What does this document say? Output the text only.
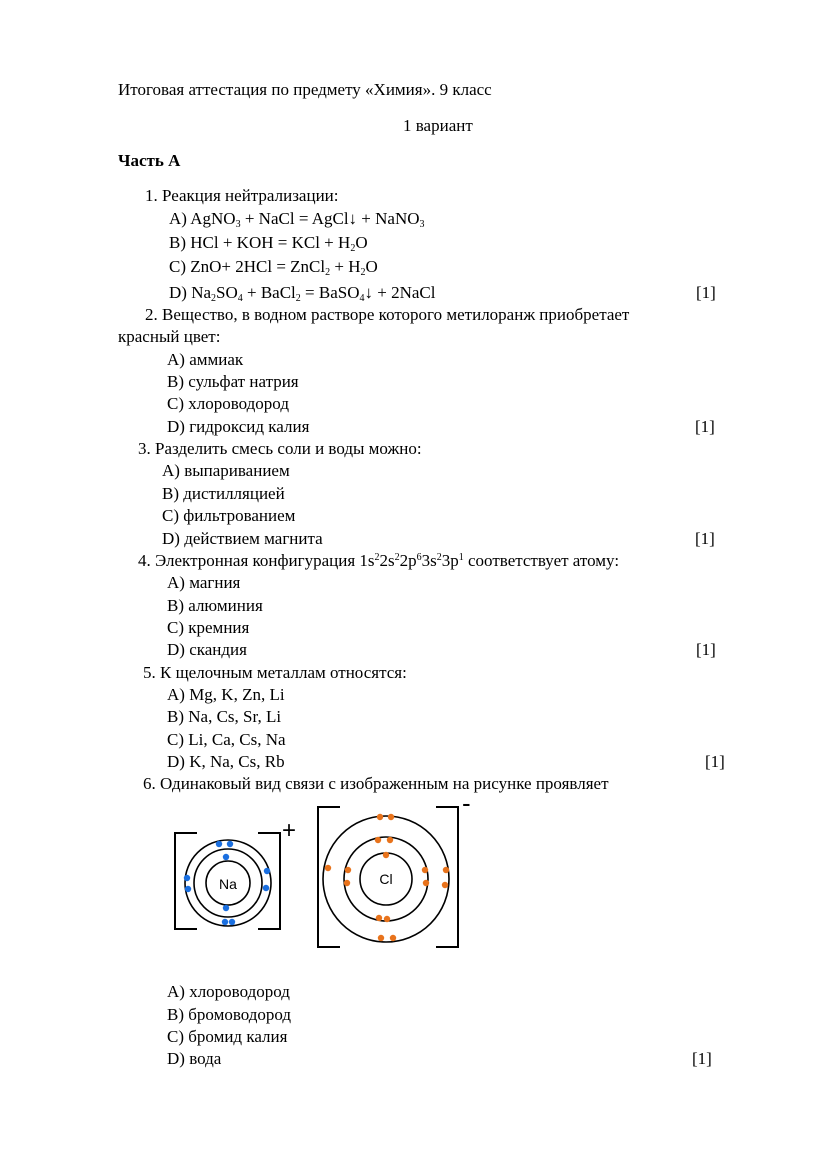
Итоговая аттестация по предмету «Химия». 9 класс
1 вариант
Часть А
1. Реакция нейтрализации:
A) AgNO$_3$ + NaCl = AgCl↓ + NaNO$_3$
B) HCl + KOH = KCl + $H_2O$
C) ZnO+ 2HCl = ZnCl$_2$ + $H_2O$
D) $Na_2SO_4$ + BaCl$_2$ = BaSO$_4$↓ + 2NaCl	[1]
2. Вещество, в водном растворе которого метилоранж приобретает
красный цвет:
A) аммиак
B) сульфат натрия
C) хлороводород
D) гидроксид калия	[1]
3. Разделить смесь соли и воды можно:
A) выпариванием
B) дистилляцией
C) фильтрованием
D) действием магнита	[1]
4. Электронная конфигурация $1s^22s^22p^63s^23p^1$ соответствует атому:
A) магния
B) алюминия
C) кремния
D) скандия	[1]
5. К щелочным металлам относятся:
A) Mg, K, Zn, Li
B) Na, Cs, Sr, Li
C) Li, Ca, Cs, Na
D) K, Na, Cs, Rb	[1]
6. Одинаковый вид связи с изображенным на рисунке проявляет
Na	Cl
+
-
A) хлороводород
B) бромоводород
C) бромид калия
D) вода	[1]
